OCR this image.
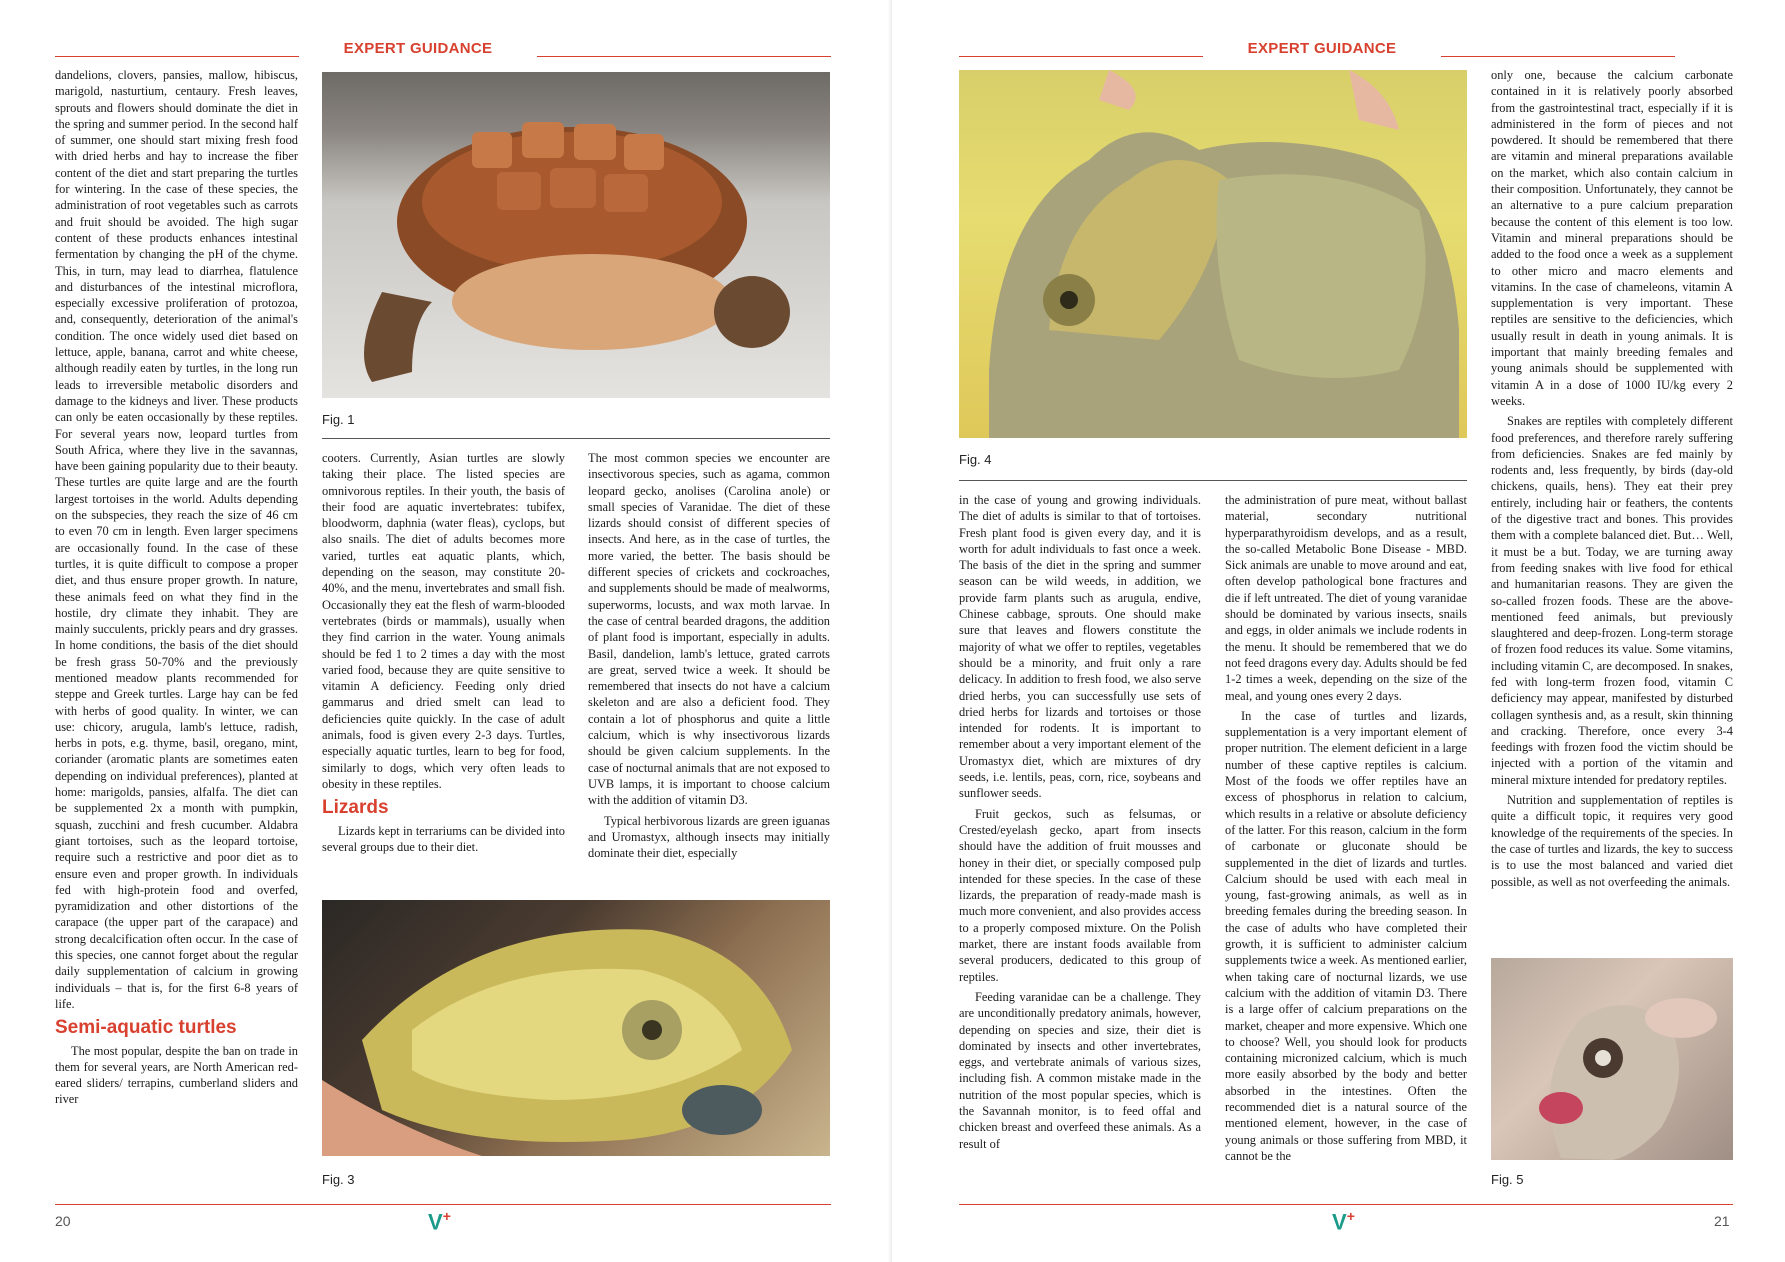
EXPERT GUIDANCE

dandelions, clovers, pansies, mallow, hibiscus, marigold, nasturtium, centaury. Fresh leaves, sprouts and flowers should dominate the diet in the spring and summer period. In the second half of summer, one should start mixing fresh food with dried herbs and hay to increase the fiber content of the diet and start preparing the turtles for wintering. In the case of these species, the administration of root vegetables such as carrots and fruit should be avoided. The high sugar content of these products enhances intestinal fermentation by changing the pH of the chyme. This, in turn, may lead to diarrhea, flatulence and disturbances of the intestinal microflora, especially excessive proliferation of protozoa, and, consequently, deterioration of the animal's condition. The once widely used diet based on lettuce, apple, banana, carrot and white cheese, although readily eaten by turtles, in the long run leads to irreversible metabolic disorders and damage to the kidneys and liver. These products can only be eaten occasionally by these reptiles. For several years now, leopard turtles from South Africa, where they live in the savannas, have been gaining popularity due to their beauty. These turtles are quite large and are the fourth largest tortoises in the world. Adults depending on the subspecies, they reach the size of 46 cm to even 70 cm in length. Even larger specimens are occasionally found. In the case of these turtles, it is quite difficult to compose a proper diet, and thus ensure proper growth. In nature, these animals feed on what they find in the hostile, dry climate they inhabit. They are mainly succulents, prickly pears and dry grasses. In home conditions, the basis of the diet should be fresh grass 50-70% and the previously mentioned meadow plants recommended for steppe and Greek turtles. Large hay can be fed with herbs of good quality. In winter, we can use: chicory, arugula, lamb's lettuce, radish, herbs in pots, e.g. thyme, basil, oregano, mint, coriander (aromatic plants are sometimes eaten depending on individual preferences), planted at home: marigolds, pansies, alfalfa. The diet can be supplemented 2x a month with pumpkin, squash, zucchini and fresh cucumber. Aldabra giant tortoises, such as the leopard tortoise, require such a restrictive and poor diet as to ensure even and proper growth. In individuals fed with high-protein food and overfed, pyramidization and other distortions of the carapace (the upper part of the carapace) and strong decalcification often occur. In the case of this species, one cannot forget about the regular daily supplementation of calcium in growing individuals – that is, for the first 6-8 years of life.

Semi-aquatic turtles

The most popular, despite the ban on trade in them for several years, are North American red-eared sliders/ terrapins, cumberland sliders and river

Fig. 1

cooters. Currently, Asian turtles are slowly taking their place. The listed species are omnivorous reptiles. In their youth, the basis of their food are aquatic invertebrates: tubifex, bloodworm, daphnia (water fleas), cyclops, but also snails. The diet of adults becomes more varied, turtles eat aquatic plants, which, depending on the season, may constitute 20-40%, and the menu, invertebrates and small fish. Occasionally they eat the flesh of warm-blooded vertebrates (birds or mammals), usually when they find carrion in the water. Young animals should be fed 1 to 2 times a day with the most varied food, because they are quite sensitive to vitamin A deficiency. Feeding only dried gammarus and dried smelt can lead to deficiencies quite quickly. In the case of adult animals, food is given every 2-3 days. Turtles, especially aquatic turtles, learn to beg for food, similarly to dogs, which very often leads to obesity in these reptiles.

Lizards

Lizards kept in terrariums can be divided into several groups due to their diet.

The most common species we encounter are insectivorous species, such as agama, common leopard gecko, anolises (Carolina anole) or small species of Varanidae. The diet of these lizards should consist of different species of insects. And here, as in the case of turtles, the more varied, the better. The basis should be different species of crickets and cockroaches, and supplements should be made of mealworms, superworms, locusts, and wax moth larvae. In the case of central bearded dragons, the addition of plant food is important, especially in adults. Basil, dandelion, lamb's lettuce, grated carrots are great, served twice a week. It should be remembered that insects do not have a calcium skeleton and are also a deficient food. They contain a lot of phosphorus and quite a little calcium, which is why insectivorous lizards should be given calcium supplements. In the case of nocturnal animals that are not exposed to UVB lamps, it is important to choose calcium with the addition of vitamin D3.

Typical herbivorous lizards are green iguanas and Uromastyx, although insects may initially dominate their diet, especially

Fig. 3
20	V+
EXPERT GUIDANCE
Fig. 4

in the case of young and growing individuals. The diet of adults is similar to that of tortoises. Fresh plant food is given every day, and it is worth for adult individuals to fast once a week. The basis of the diet in the spring and summer season can be wild weeds, in addition, we provide farm plants such as arugula, endive, Chinese cabbage, sprouts. One should make sure that leaves and flowers constitute the majority of what we offer to reptiles, vegetables should be a minority, and fruit only a rare delicacy. In addition to fresh food, we also serve dried herbs, you can successfully use sets of dried herbs for lizards and tortoises or those intended for rodents. It is important to remember about a very important element of the Uromastyx diet, which are mixtures of dry seeds, i.e. lentils, peas, corn, rice, soybeans and sunflower seeds.

Fruit geckos, such as felsumas, or Crested/eyelash gecko, apart from insects should have the addition of fruit mousses and honey in their diet, or specially composed pulp intended for these species. In the case of these lizards, the preparation of ready-made mash is much more convenient, and also provides access to a properly composed mixture. On the Polish market, there are instant foods available from several producers, dedicated to this group of reptiles.

Feeding varanidae can be a challenge. They are unconditionally predatory animals, however, depending on species and size, their diet is dominated by insects and other invertebrates, eggs, and vertebrate animals of various sizes, including fish. A common mistake made in the nutrition of the most popular species, which is the Savannah monitor, is to feed offal and chicken breast and overfeed these animals. As a result of

the administration of pure meat, without ballast material, secondary nutritional hyperparathyroidism develops, and as a result, the so-called Metabolic Bone Disease - MBD. Sick animals are unable to move around and eat, often develop pathological bone fractures and die if left untreated. The diet of young varanidae should be dominated by various insects, snails and eggs, in older animals we include rodents in the menu. It should be remembered that we do not feed dragons every day. Adults should be fed 1-2 times a week, depending on the size of the meal, and young ones every 2 days.

In the case of turtles and lizards, supplementation is a very important element of proper nutrition. The element deficient in a large number of these captive reptiles is calcium. Most of the foods we offer reptiles have an excess of phosphorus in relation to calcium, which results in a relative or absolute deficiency of the latter. For this reason, calcium in the form of carbonate or gluconate should be supplemented in the diet of lizards and turtles. Calcium should be used with each meal in young, fast-growing animals, as well as in breeding females during the breeding season. In the case of adults who have completed their growth, it is sufficient to administer calcium supplements twice a week. As mentioned earlier, when taking care of nocturnal lizards, we use calcium with the addition of vitamin D3. There is a large offer of calcium preparations on the market, cheaper and more expensive. Which one to choose? Well, you should look for products containing micronized calcium, which is much more easily absorbed by the body and better absorbed in the intestines. Often the recommended diet is a natural source of the mentioned element, however, in the case of young animals or those suffering from MBD, it cannot be the

only one, because the calcium carbonate contained in it is relatively poorly absorbed from the gastrointestinal tract, especially if it is administered in the form of pieces and not powdered. It should be remembered that there are vitamin and mineral preparations available on the market, which also contain calcium in their composition. Unfortunately, they cannot be an alternative to a pure calcium preparation because the content of this element is too low. Vitamin and mineral preparations should be added to the food once a week as a supplement to other micro and macro elements and vitamins. In the case of chameleons, vitamin A supplementation is very important. These reptiles are sensitive to the deficiencies, which usually result in death in young animals. It is important that mainly breeding females and young animals should be supplemented with vitamin A in a dose of 1000 IU/kg every 2 weeks.

Snakes are reptiles with completely different food preferences, and therefore rarely suffering from deficiencies. Snakes are fed mainly by rodents and, less frequently, by birds (day-old chickens, quails, hens). They eat their prey entirely, including hair or feathers, the contents of the digestive tract and bones. This provides them with a complete balanced diet. But… Well, it must be a but. Today, we are turning away from feeding snakes with live food for ethical and humanitarian reasons. They are given the so-called frozen foods. These are the above-mentioned feed animals, but previously slaughtered and deep-frozen. Long-term storage of frozen food reduces its value. Some vitamins, including vitamin C, are decomposed. In snakes, fed with long-term frozen food, vitamin C deficiency may appear, manifested by disturbed collagen synthesis and, as a result, skin thinning and cracking. Therefore, once every 3-4 feedings with frozen food the victim should be injected with a portion of the vitamin and mineral mixture intended for predatory reptiles.

Nutrition and supplementation of reptiles is quite a difficult topic, it requires very good knowledge of the requirements of the species. In the case of turtles and lizards, the key to success is to use the most balanced and varied diet possible, as well as not overfeeding the animals.

Fig. 5
V+	21
